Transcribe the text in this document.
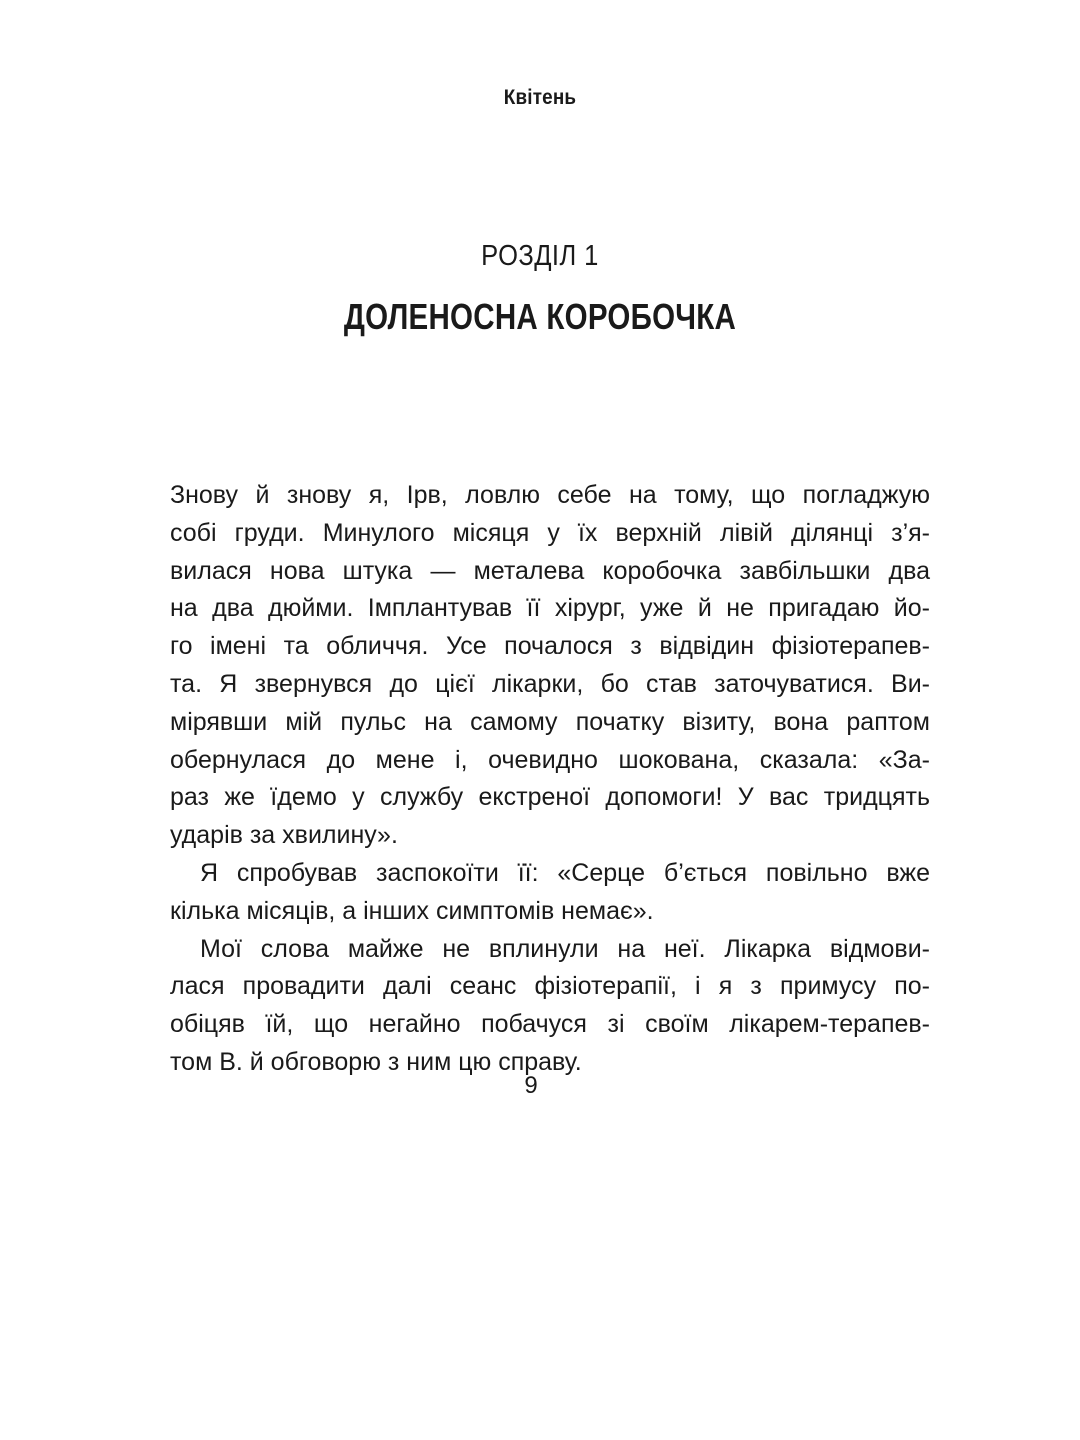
Квітень
РОЗДІЛ 1
ДОЛЕНОСНА КОРОБОЧКА
Знову й знову я, Ірв, ловлю себе на тому, що погладжую
собі груди. Минулого місяця у їх верхній лівій ділянці з’я-
вилася нова штука — металева коробочка завбільшки два
на два дюйми. Імплантував її хірург, уже й не пригадаю йо-
го імені та обличчя. Усе почалося з відвідин фізіотерапев-
та. Я звернувся до цієї лікарки, бо став заточуватися. Ви-
мірявши мій пульс на самому початку візиту, вона раптом
обернулася до мене і, очевидно шокована, сказала: «За-
раз же їдемо у службу екстреної допомоги! У вас тридцять
ударів за хвилину».
Я спробував заспокоїти її: «Серце б’ється повільно вже
кілька місяців, а інших симптомів немає».
Мої слова майже не вплинули на неї. Лікарка відмови-
лася провадити далі сеанс фізіотерапії, і я з примусу по-
обіцяв їй, що негайно побачуся зі своїм лікарем-терапев-
том В. й обговорю з ним цю справу.
9
